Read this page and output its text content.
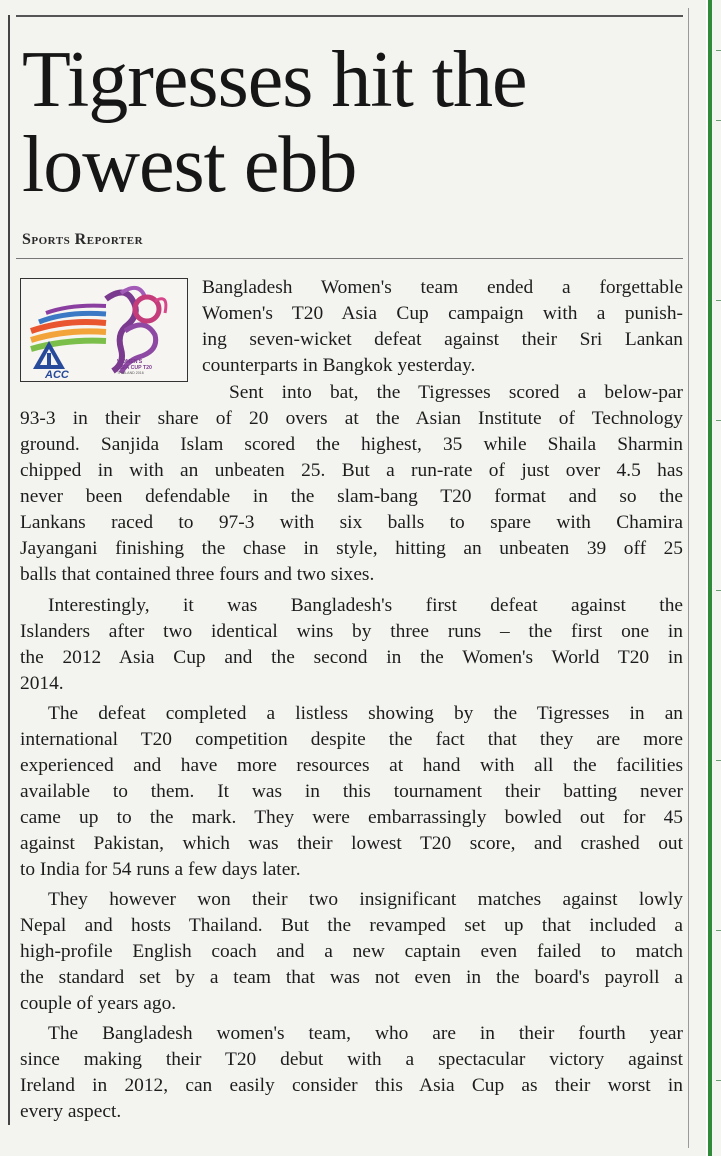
Tigresses hit the
lowest ebb
Sports Reporter
WOMEN'S
ASIA CUP T20
THAILAND 2016
ACC
Bangladesh Women's team ended a forgettable
Women's T20 Asia Cup campaign with a punish-
ing seven-wicket defeat against their Sri Lankan
counterparts in Bangkok yesterday.
Sent into bat, the Tigresses scored a below-par
93-3 in their share of 20 overs at the Asian Institute of Technology
ground. Sanjida Islam scored the highest, 35 while Shaila Sharmin
chipped in with an unbeaten 25. But a run-rate of just over 4.5 has
never been defendable in the slam-bang T20 format and so the
Lankans raced to 97-3 with six balls to spare with Chamira
Jayangani finishing the chase in style, hitting an unbeaten 39 off 25
balls that contained three fours and two sixes.
Interestingly, it was Bangladesh's first defeat against the
Islanders after two identical wins by three runs – the first one in
the 2012 Asia Cup and the second in the Women's World T20 in
2014.
The defeat completed a listless showing by the Tigresses in an
international T20 competition despite the fact that they are more
experienced and have more resources at hand with all the facilities
available to them. It was in this tournament their batting never
came up to the mark. They were embarrassingly bowled out for 45
against Pakistan, which was their lowest T20 score, and crashed out
to India for 54 runs a few days later.
They however won their two insignificant matches against lowly
Nepal and hosts Thailand. But the revamped set up that included a
high-profile English coach and a new captain even failed to match
the standard set by a team that was not even in the board's payroll a
couple of years ago.
The Bangladesh women's team, who are in their fourth year
since making their T20 debut with a spectacular victory against
Ireland in 2012, can easily consider this Asia Cup as their worst in
every aspect.
